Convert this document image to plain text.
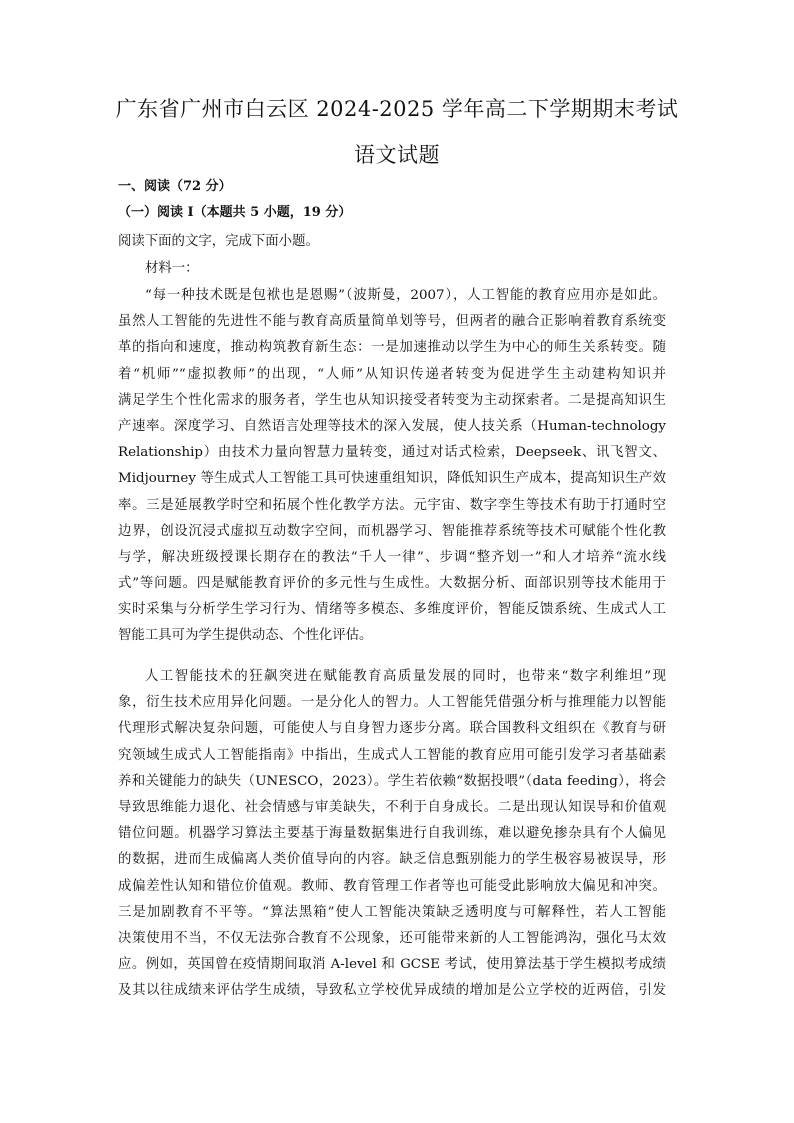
广东省广州市白云区 2024-2025 学年高二下学期期末考试
语文试题
一、阅读（72 分）
（一）阅读 I（本题共 5 小题，19 分）
阅读下面的文字，完成下面小题。
材料一：
“每一种技术既是包袱也是恩赐”（波斯曼，2007），人工智能的教育应用亦是如此。
虽然人工智能的先进性不能与教育高质量简单划等号，但两者的融合正影响着教育系统变
革的指向和速度，推动构筑教育新生态：一是加速推动以学生为中心的师生关系转变。随
着“机师”“虚拟教师”的出现，“人师”从知识传递者转变为促进学生主动建构知识并
满足学生个性化需求的服务者，学生也从知识接受者转变为主动探索者。二是提高知识生
产速率。深度学习、自然语言处理等技术的深入发展，使人技关系（Human-technology
Relationship）由技术力量向智慧力量转变，通过对话式检索，Deepseek、讯飞智文、
Midjourney 等生成式人工智能工具可快速重组知识，降低知识生产成本，提高知识生产效
率。三是延展教学时空和拓展个性化教学方法。元宇宙、数字孪生等技术有助于打通时空
边界，创设沉浸式虚拟互动数字空间，而机器学习、智能推荐系统等技术可赋能个性化教
与学，解决班级授课长期存在的教法“千人一律”、步调“整齐划一”和人才培养“流水线
式”等问题。四是赋能教育评价的多元性与生成性。大数据分析、面部识别等技术能用于
实时采集与分析学生学习行为、情绪等多模态、多维度评价，智能反馈系统、生成式人工
智能工具可为学生提供动态、个性化评估。
人工智能技术的狂飙突进在赋能教育高质量发展的同时，也带来“数字利维坦”现
象，衍生技术应用异化问题。一是分化人的智力。人工智能凭借强分析与推理能力以智能
代理形式解决复杂问题，可能使人与自身智力逐步分离。联合国教科文组织在《教育与研
究领域生成式人工智能指南》中指出，生成式人工智能的教育应用可能引发学习者基础素
养和关键能力的缺失（UNESCO，2023）。学生若依赖“数据投喂”（data feeding），将会
导致思维能力退化、社会情感与审美缺失，不利于自身成长。二是出现认知误导和价值观
错位问题。机器学习算法主要基于海量数据集进行自我训练，难以避免掺杂具有个人偏见
的数据，进而生成偏离人类价值导向的内容。缺乏信息甄别能力的学生极容易被误导，形
成偏差性认知和错位价值观。教师、教育管理工作者等也可能受此影响放大偏见和冲突。
三是加剧教育不平等。“算法黑箱”使人工智能决策缺乏透明度与可解释性，若人工智能
决策使用不当，不仅无法弥合教育不公现象，还可能带来新的人工智能鸿沟，强化马太效
应。例如，英国曾在疫情期间取消 A-level 和 GCSE 考试，使用算法基于学生模拟考成绩
及其以往成绩来评估学生成绩，导致私立学校优异成绩的增加是公立学校的近两倍，引发
